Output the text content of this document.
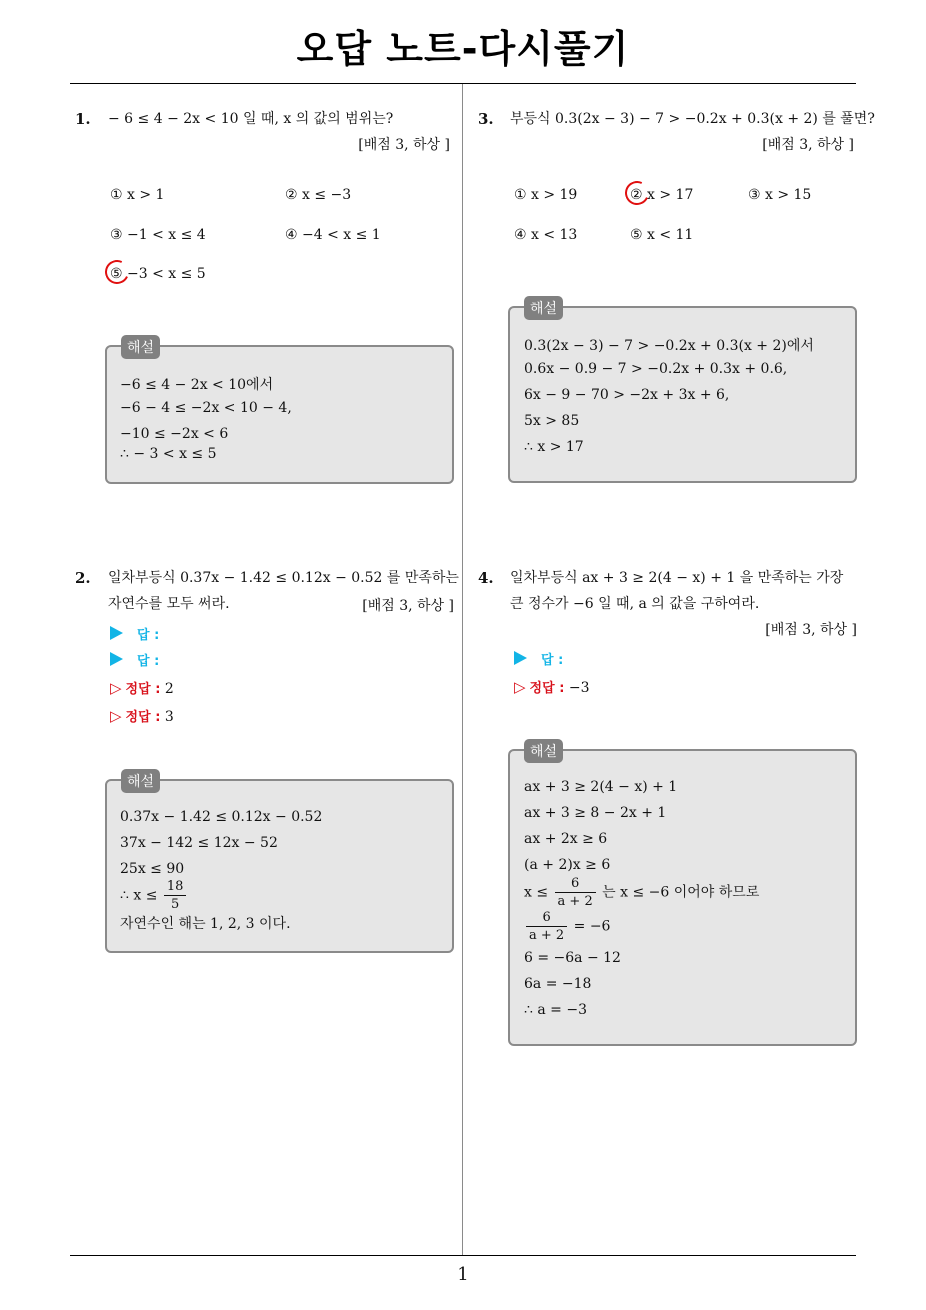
오답 노트-다시풀기
1
1. − 6 ≤ 4 − 2x < 10 일 때, x 의 값의 범위는?
[배점 3, 하상 ]
① x > 1	② x ≤ −3
③ −1 < x ≤ 4	④ −4 < x ≤ 1
⑤ −3 < x ≤ 5
해설
−6 ≤ 4 − 2x < 10에서
−6 − 4 ≤ −2x < 10 − 4,
−10 ≤ −2x < 6
∴ − 3 < x ≤ 5
2. 일차부등식 0.37x − 1.42 ≤ 0.12x − 0.52 를 만족하는
자연수를 모두 써라.	[배점 3, 하상 ]
답 :
답 :
▷ 정답 : 2
▷ 정답 : 3
해설
0.37x − 1.42 ≤ 0.12x − 0.52
37x − 142 ≤ 12x − 52
25x ≤ 90
∴ $x \le \frac{18}{5}$
자연수인 해는 1, 2, 3 이다.
3. 부등식 0.3(2x − 3) − 7 > −0.2x + 0.3(x + 2) 를 풀면?
[배점 3, 하상 ]
① x > 19	② x > 17	③ x > 15
④ x < 13	⑤ x < 11
해설
0.3(2x − 3) − 7 > −0.2x + 0.3(x + 2)에서
0.6x − 0.9 − 7 > −0.2x + 0.3x + 0.6,
6x − 9 − 70 > −2x + 3x + 6,
5x > 85
∴ x > 17
4. 일차부등식 ax + 3 ≥ 2(4 − x) + 1 을 만족하는 가장
큰 정수가 −6 일 때, a 의 값을 구하여라.
[배점 3, 하상 ]
답 :
▷ 정답 : −3
해설
ax + 3 ≥ 2(4 − x) + 1
ax + 3 ≥ 8 − 2x + 1
ax + 2x ≥ 6
(a + 2)x ≥ 6
$x \le \frac{6}{a + 2}$ 는 x ≤ −6 이어야 하므로
$\frac{6}{a + 2} = -6$
6 = −6a − 12
6a = −18
∴ a = −3
